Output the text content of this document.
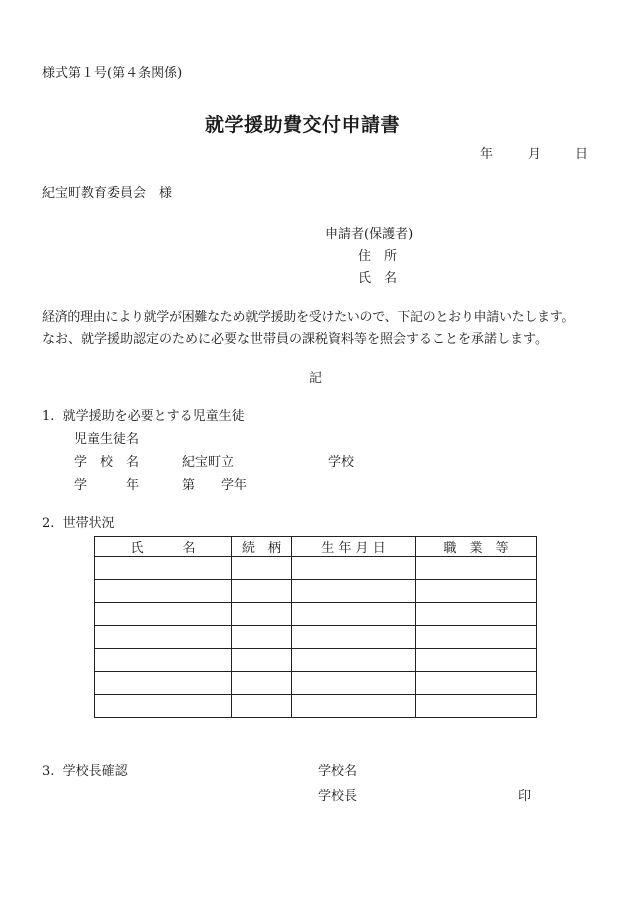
様式第１号(第４条関係)
就学援助費交付申請書
年	月	日
紀宝町教育委員会　様
申請者(保護者)
住　所
氏　名
経済的理由により就学が困難なため就学援助を受けたいので、下記のとおり申請いたします。
なお、就学援助認定のために必要な世帯員の課税資料等を照会することを承諾します。
記
1.  就学援助を必要とする児童生徒
児童生徒名
学　校　名	紀宝町立	学校
学　　　年	第　　学年
2.  世帯状況
氏　　　名	続　柄	生 年 月 日	職　業　等

3.  学校長確認	学校名
学校長	印
